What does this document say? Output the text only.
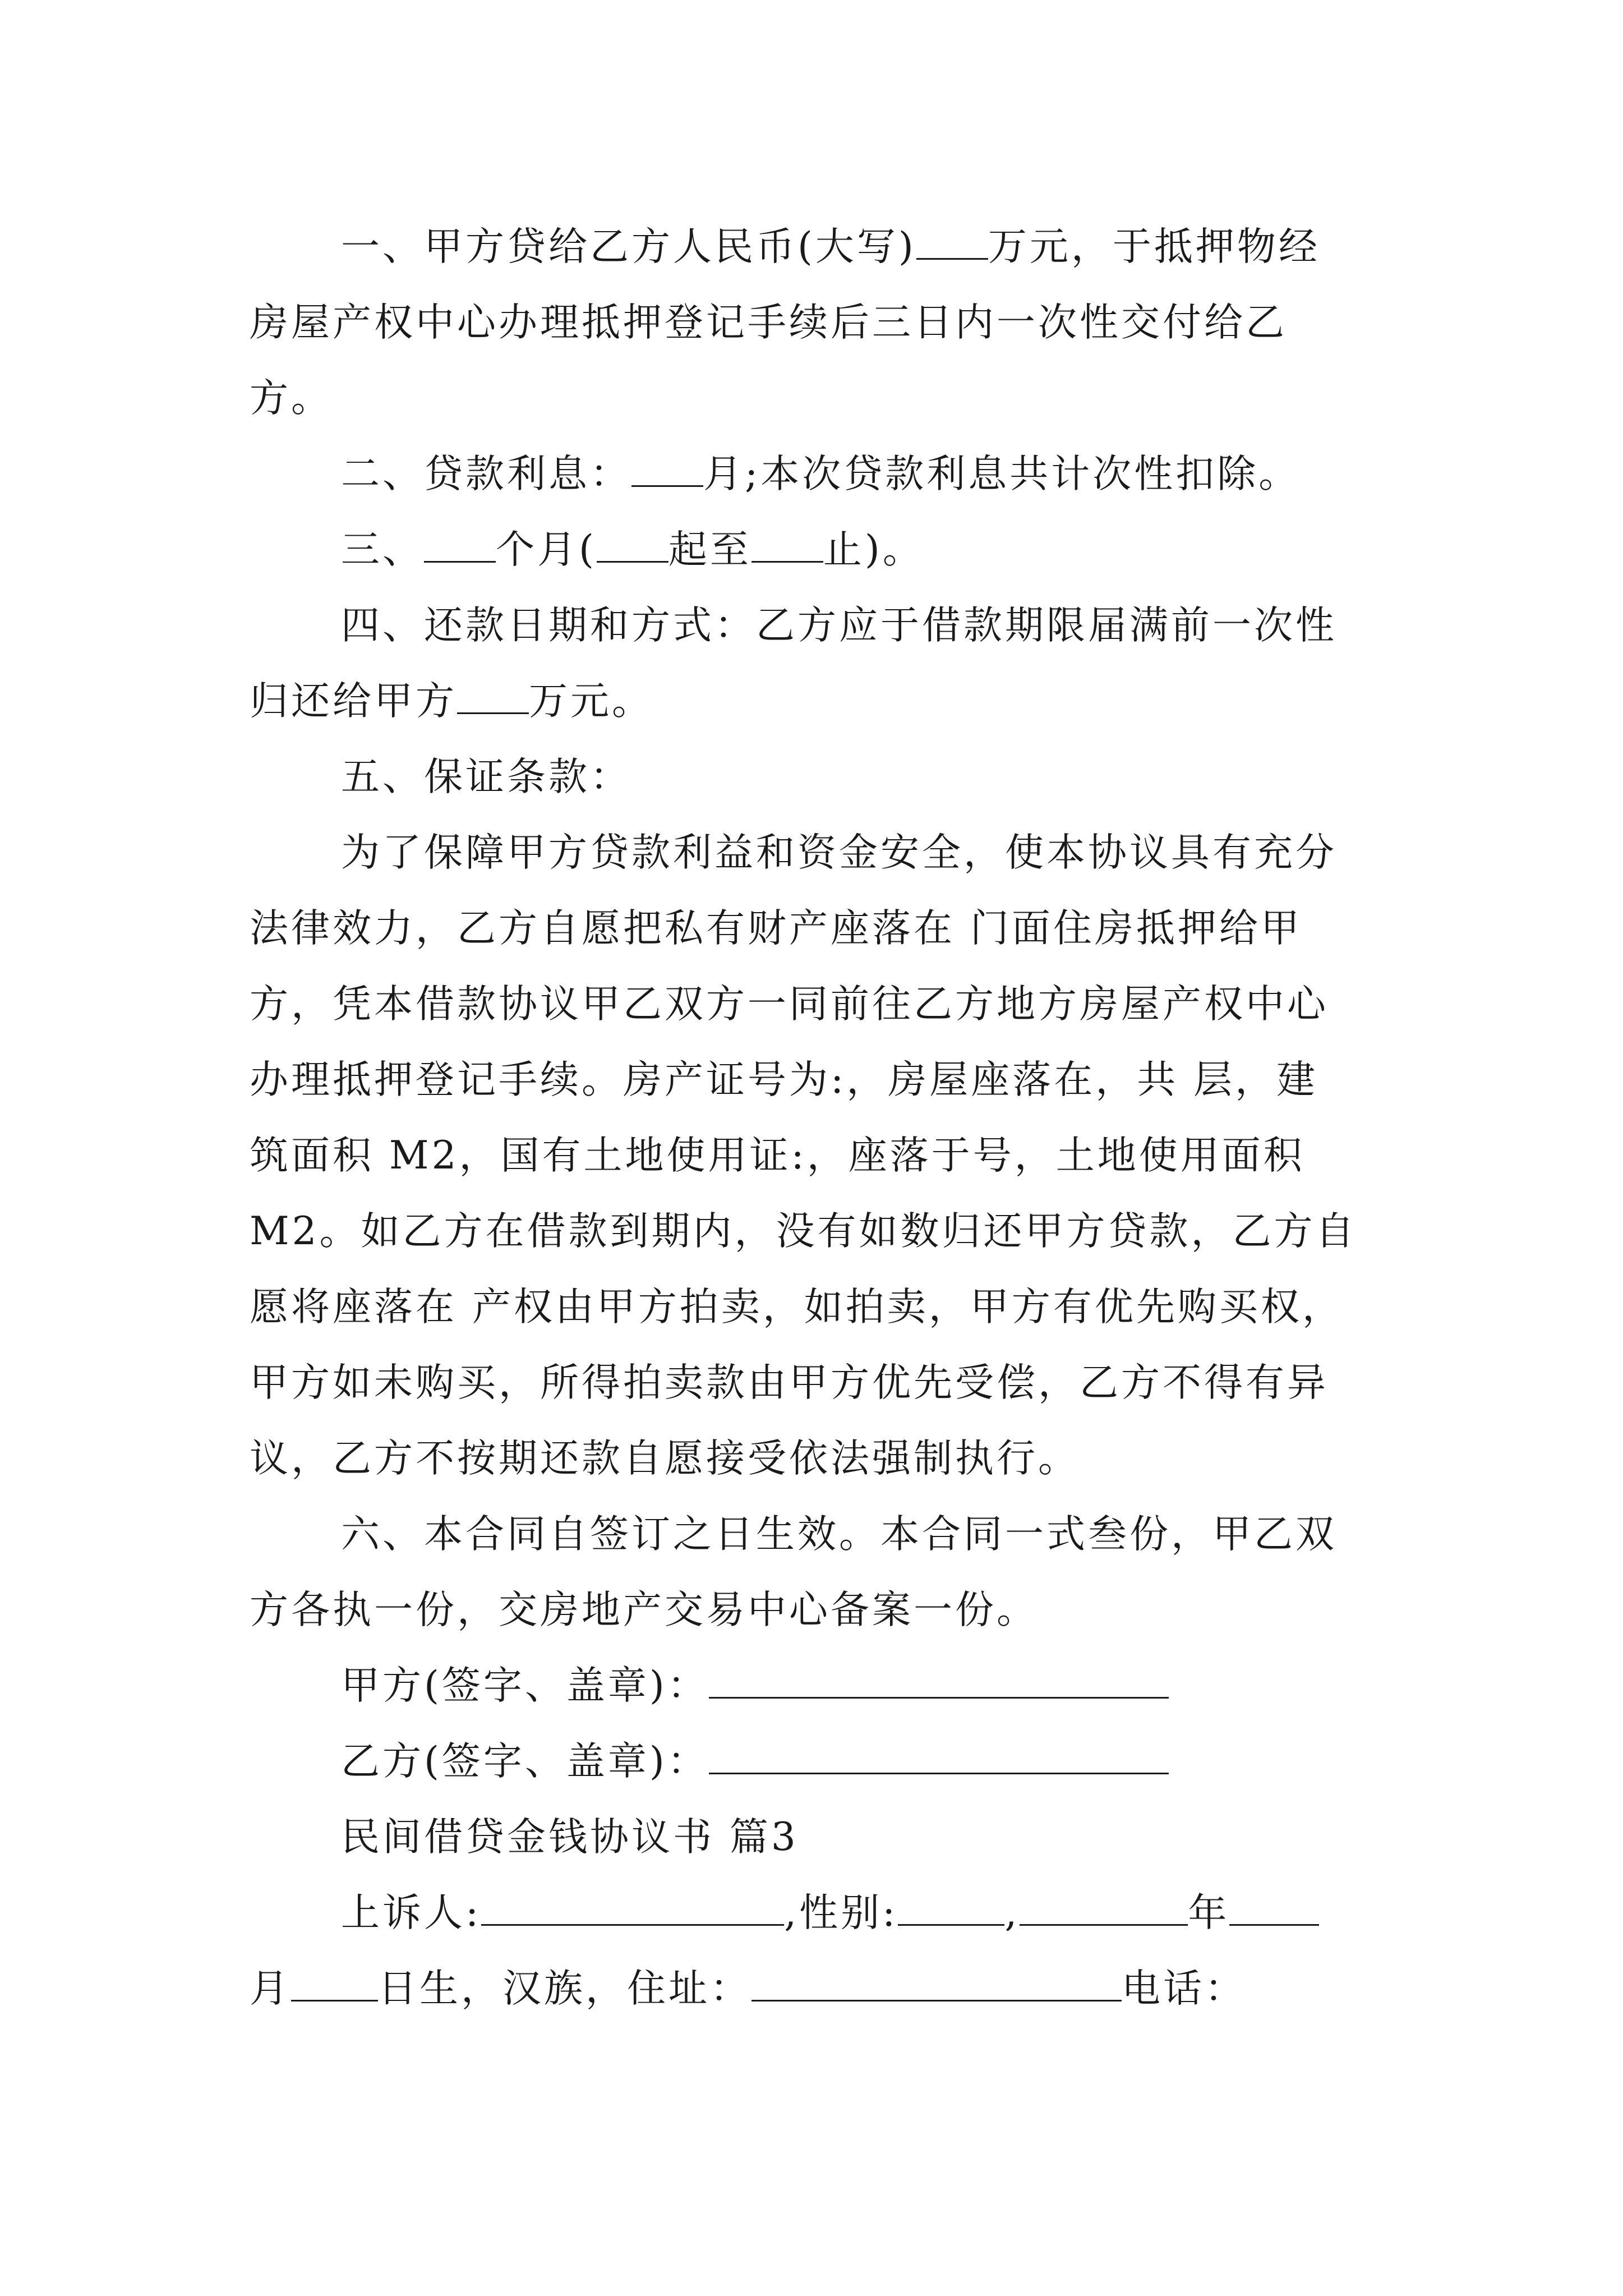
一、甲方贷给乙方人民币(大写) 万元，于抵押物经
房屋产权中心办理抵押登记手续后三日内一次性交付给乙
方。
二、贷款利息： 月;本次贷款利息共计次性扣除。
三、 个月( 起至 止)。
四、还款日期和方式：乙方应于借款期限届满前一次性
归还给甲方 万元。
五、保证条款：
为了保障甲方贷款利益和资金安全，使本协议具有充分
法律效力，乙方自愿把私有财产座落在 门面住房抵押给甲
方，凭本借款协议甲乙双方一同前往乙方地方房屋产权中心
办理抵押登记手续。房产证号为:，房屋座落在，共 层，建
筑面积 M2，国有土地使用证:，座落于号，土地使用面积
M2。如乙方在借款到期内，没有如数归还甲方贷款，乙方自
愿将座落在 产权由甲方拍卖，如拍卖，甲方有优先购买权，
甲方如未购买，所得拍卖款由甲方优先受偿，乙方不得有异
议，乙方不按期还款自愿接受依法强制执行。
六、本合同自签订之日生效。本合同一式叁份，甲乙双
方各执一份，交房地产交易中心备案一份。
甲方(签字、盖章)：
乙方(签字、盖章)：
民间借贷金钱协议书 篇3
上诉人:	,性别:	,	年
月 日生，汉族，住址：	电话：
